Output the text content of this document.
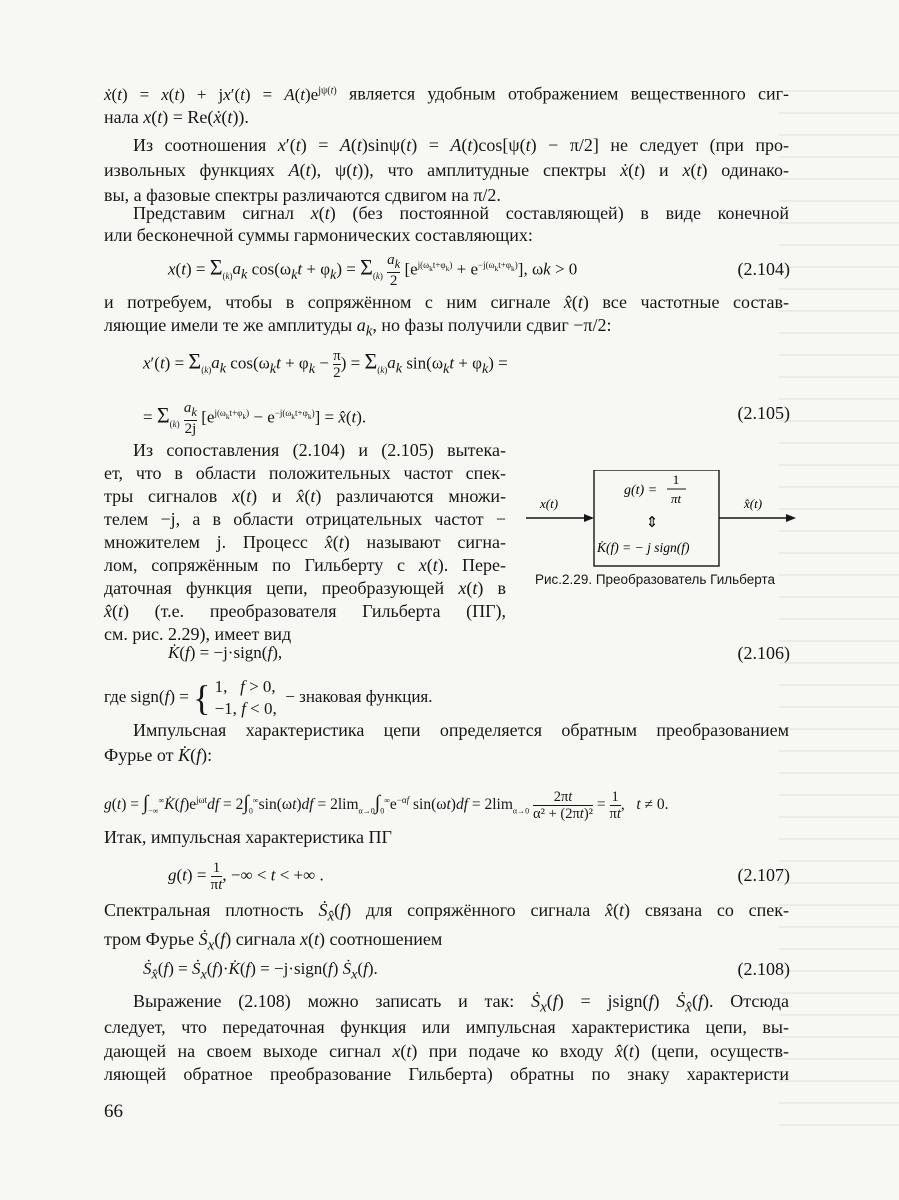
ẋ(t) = $x(t) + jx'(t) = A(t)e^{j\psi(t)}$ является удобным отображением вещественного сиг-
нала x(t) = Re(ẋ(t)).
Из соотношения x′(t) = A(t)sinψ(t) = A(t)cos[ψ(t) − π/2] не следует (при про-
извольных функциях A(t), ψ(t)), что амплитудные спектры ẋ(t) и x(t) одинако-
вы, а фазовые спектры различаются сдвигом на π/2.
Представим сигнал x(t) (без постоянной составляющей) в виде конечной
или бесконечной суммы гармонических составляющих:
$x(t) = \Sigma_{(k)}a_k$ $\cos(\omega_kt + \varphi_k) = \Sigma_{(k)} \frac{a_k}{2} [e^{j(\omega_kt+\varphi_k)} + e^{-j(\omega_kt+\varphi_k)}]$, ωk > 0	(2.104)
и потребуем, чтобы в сопряжённом с ним сигнале x̂(t) все частотные состав-
ляющие имели те же амплитуды $a_k$, но фазы получили сдвиг −π/2:
$x'(t) = \Sigma_{(k)}a_k$ $\cos(\omega_kt + \varphi_k - \pi$

2
) = $\Sigma_{(k)}a_k$ $\sin(\omega_kt + \varphi_k)$ =
= $\Sigma_{(k)} \frac{a_k}{2j} [e^{j(\omega_kt+\varphi_k)} - e^{-j(\omega_kt+\varphi_k)}]$ = x̂(t).	(2.105)
Из сопоставления (2.104) и (2.105) вытека-
ет, что в области положительных частот спек-
тры сигналов x(t) и x̂(t) различаются множи-
телем −j, а в области отрицательных частот −
множителем j. Процесс x̂(t) называют сигна-
лом, сопряжённым по Гильберту с x(t). Пере-
даточная функция цепи, преобразующей x(t) в
x̂(t) (т.е. преобразователя Гильберта (ПГ),
см. рис. 2.29), имеет вид
x(t)	x̂(t)
g(t) =
1
πt
⇕
K̇(f) = − j sign(f)
Рис.2.29. Преобразователь Гильберта
K̇(f) = −j·sign(f),	(2.106)
где sign(f) = { 1,   f > 0,
−1, f < 0,  − знаковая функция.
Импульсная характеристика цепи определяется обратным преобразованием
Фурье от K̇(f):
$g(t) = \int_{-\infty}^\infty K̇(f)e^{j\omega t}df = 2\int_0^\infty\sin(\omega t)df = 2\lim_{\alpha\to 0}\int_0^\infty e^{-\alpha f}$ $\sin(\omega t)df = 2\lim_{\alpha\to 0}$ 2πt

α² + (2πt)²
= 1

πt
,   t ≠ 0.
Итак, импульсная характеристика ПГ
g(t) = 1

πt
, −∞ < t < +∞ .	(2.107)
Спектральная плотность Ṡ$_{x̂}$(f) для сопряжённого сигнала x̂(t) связана со спек-
тром Фурье Ṡ$_x$(f) сигнала x(t) соотношением
Ṡ$_{x̂}$(f) = Ṡ$_x$(f)·K̇(f) = −j·sign(f) Ṡ$_x$(f).	(2.108)
Выражение (2.108) можно записать и так: Ṡ$_x$(f) = jsign(f) Ṡ$_{x̂}$(f). Отсюда
следует, что передаточная функция или импульсная характеристика цепи, вы-
дающей на своем выходе сигнал x(t) при подаче ко входу x̂(t) (цепи, осуществ-
ляющей обратное преобразование Гильберта) обратны по знаку характеристи
66
